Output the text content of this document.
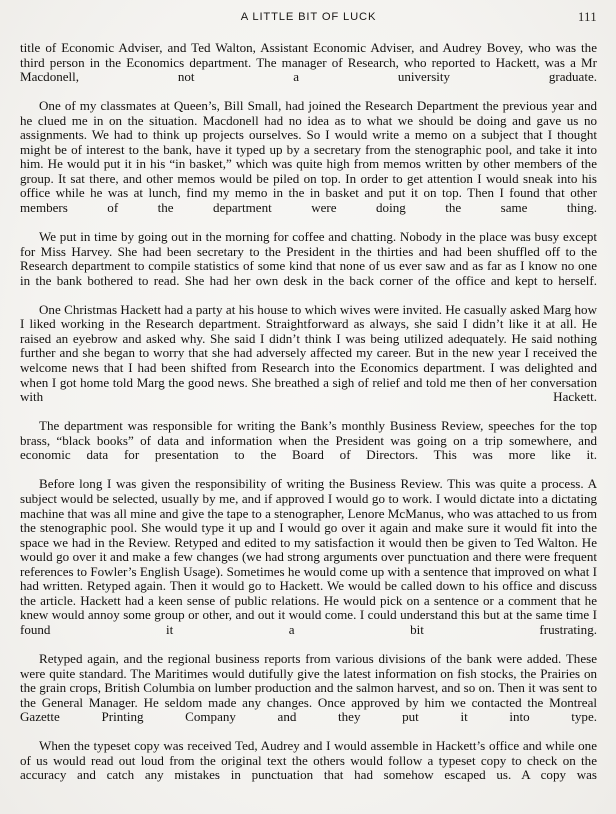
A LITTLE BIT OF LUCK	111

title of Economic Adviser, and Ted Walton, Assistant Economic Adviser, and Audrey Bovey, who was the third person in the Economics department. The manager of Research, who reported to Hackett, was a Mr Macdonell, not a university graduate.

One of my classmates at Queen’s, Bill Small, had joined the Research Department the previous year and he clued me in on the situation. Macdonell had no idea as to what we should be doing and gave us no assignments. We had to think up projects ourselves. So I would write a memo on a subject that I thought might be of interest to the bank, have it typed up by a secretary from the stenographic pool, and take it into him. He would put it in his “in basket,” which was quite high from memos written by other members of the group. It sat there, and other memos would be piled on top. In order to get attention I would sneak into his office while he was at lunch, find my memo in the in basket and put it on top. Then I found that other members of the department were doing the same thing.

We put in time by going out in the morning for coffee and chatting. Nobody in the place was busy except for Miss Harvey. She had been secretary to the President in the thirties and had been shuffled off to the Research department to compile statistics of some kind that none of us ever saw and as far as I know no one in the bank bothered to read. She had her own desk in the back corner of the office and kept to herself.

One Christmas Hackett had a party at his house to which wives were invited. He casually asked Marg how I liked working in the Research department. Straightforward as always, she said I didn’t like it at all. He raised an eyebrow and asked why. She said I didn’t think I was being utilized adequately. He said nothing further and she began to worry that she had adversely affected my career. But in the new year I received the welcome news that I had been shifted from Research into the Economics department. I was delighted and when I got home told Marg the good news. She breathed a sigh of relief and told me then of her conversation with Hackett.

The department was responsible for writing the Bank’s monthly Business Review, speeches for the top brass, “black books” of data and information when the President was going on a trip somewhere, and economic data for presentation to the Board of Directors. This was more like it.

Before long I was given the responsibility of writing the Business Review. This was quite a process. A subject would be selected, usually by me, and if approved I would go to work. I would dictate into a dictating machine that was all mine and give the tape to a stenographer, Lenore McManus, who was attached to us from the stenographic pool. She would type it up and I would go over it again and make sure it would fit into the space we had in the Review. Retyped and edited to my satisfaction it would then be given to Ted Walton. He would go over it and make a few changes (we had strong arguments over punctuation and there were frequent references to Fowler’s English Usage). Sometimes he would come up with a sentence that improved on what I had written. Retyped again. Then it would go to Hackett. We would be called down to his office and discuss the article. Hackett had a keen sense of public relations. He would pick on a sentence or a comment that he knew would annoy some group or other, and out it would come. I could understand this but at the same time I found it a bit frustrating.

Retyped again, and the regional business reports from various divisions of the bank were added. These were quite standard. The Maritimes would dutifully give the latest information on fish stocks, the Prairies on the grain crops, British Columbia on lumber production and the salmon harvest, and so on. Then it was sent to the General Manager. He seldom made any changes. Once approved by him we contacted the Montreal Gazette Printing Company and they put it into type.

When the typeset copy was received Ted, Audrey and I would assemble in Hackett’s office and while one of us would read out loud from the original text the others would follow a typeset copy to check on the accuracy and catch any mistakes in punctuation that had somehow escaped us. A copy was
